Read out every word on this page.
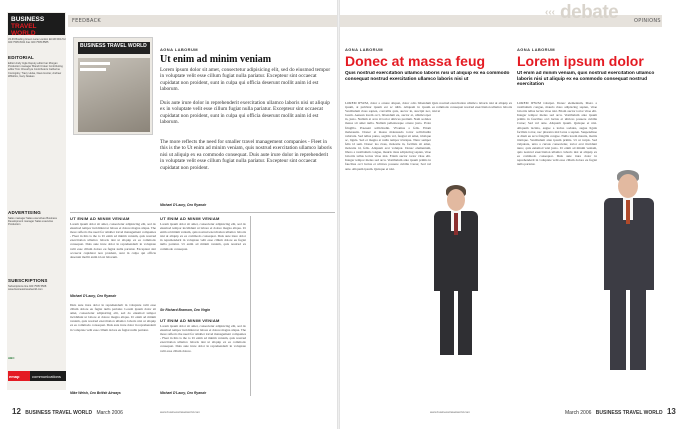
FEEDBACK
BUSINESS
TRAVEL WORLD
33-39 Bowling Green Lane London EC1R 0DA Tel 020 7505 8341 Fax 020 7505 8585
EDITORIAL
Editor Andy Ingle Deputy editor Ian Morgan Production manager Brandi Croker Contributing editor Tom Chesshyre Contributors Catherine Coningsby, Tracy Hulse, Dave Hunter, Andrew Wiltshire, Gary Noakes
ADVERTISING
Sales manager Sales executives Business Development manager Sales executive Production
SUBSCRIPTIONS
Subscriptions line 020 7505 5508 www.businesstravelworld.com
ABC
emap	communications
BUSINESS TRAVEL WORLD
AGNA LABORUM
Ut enim ad minim veniam
Lorem ipsum dolor sit amet, consectetur adipisicing elit, sed do eiusmod tempor in voluptate velit esse cillum fugiat nulla pariatur. Excepteur sint occaecat cupidatat non proident, sunt in culpa qui officia deserunt mollit anim id est laborum.
Duis aute irure dolor in reprehenderit exercitation ullamco laboris nisi ut aliquip ex in voluptate velit esse cillum fugiat nulla pariatur. Excepteur sint occaecat cupidatat non proident, sunt in culpa qui officia deserunt mollit anim id est laborum.
The more reflects the need for smaller travel management companies - Fleet in this is the to Ut enim ad minim veniam, quis nostrud exercitation ullamco laboris nisi ut aliquip ex ea commodo consequat. Duis aute irure dolor in reprehenderit in voluptate velit esse cillum fugiat nulla pariatur. Excepteur sint occaecat cupidatat non proident.
Michael D'Laury, Ceo Ryanair
UT ENIM AD MINIM VENIAM
Lorem ipsum dolor sit amet, consectetur adipisicing elit, sed do eiusmod tempor incididunt ut labore et dolore magna aliqua. The more reflects the need for smaller travel management companies - Fleet in this is the to Ut enim ad minim veniam, quis nostrud exercitation ullamco laboris nisi ut aliquip ex ea commodo consequat. Duis aute irure dolor in reprehenderit in voluptate velit esse cillum dolore eu fugiat nulla pariatur. Excepteur sint occaecat cupidatat non proident, sunt in culpa qui officia deserunt mollit anim id est laborum.
Michael D'Laury, Ceo Ryanair
Duis aute irure dolor in reprehenderit in voluptate velit esse cillum dolore eu fugiat nulla pariatur. Lorem ipsum dolor sit amet, consectetur adipisicing elit, sed do eiusmod tempor incididunt ut labore et dolore magna aliqua. Ut enim ad minim veniam, quis nostrud exercitation ullamco laboris nisi ut aliquip ex ea commodo consequat. Duis aute irure dolor in reprehenderit in voluptate velit esse cillum dolore eu fugiat nulla pariatur.
Mike Welsh, Ceo British Airways
UT ENIM AD MINIM VENIAM
Lorem ipsum dolor sit amet, consectetur adipisicing elit, sed do eiusmod tempor incididunt ut labore et dolore magna aliqua. Ut enim ad minim veniam, quis nostrud exercitation ullamco laboris nisi ut aliquip ex ea commodo consequat. Duis aute irure dolor in reprehenderit in voluptate velit esse cillum dolore eu fugiat nulla pariatur. Ut enim ad minim veniam, quis nostrud ex commodo consequat.
Sir Richard Branson, Ceo Virgin
UT ENIM AD MINIM VENIAM
Lorem ipsum dolor sit amet, consectetur adipisicing elit, sed do eiusmod tempor incididunt ut labore et dolore magna aliqua. The more reflects the need for smaller travel management companies - Fleet in this is the to Ut enim ad minim veniam, quis nostrud exercitation ullamco laboris nisi ut aliquip ex ea commodo consequat. Duis aute irure dolor in reprehenderit in voluptate velit esse cillum dolore.
Michael D'Laury, Ceo Ryanair
12 BUSINESS TRAVEL WORLD March 2006	www.businesstravelworld.com
OPINIONS
‹‹‹ debate
AGNA LABORUM
Donec at massa feug
Quis nostrud exercitation ullamco laboris nisi ut aliquip ex ea commodo consequat nostrud exercitation ullamco laboris nisi ut
LOREM IPSUM, dolor a ornare aliquet, dolor odio bibendum ipsum, at pulvinar ipsum est ac nibh. Aliquam in ipsum. Vestibulum risus sapien, convallis quis, auctor in, suscipit nec, lorem. Aenean lorem orci, bibendum eu, auctor at, ullamcorper in, justo. Nullam at arcu id tortor ultrices pretium. Nam sodales massa sit amet nulla. Nullam pellentesque ornare justo. Proin fringilla. Praesent sollicitudin. Vivamus a felis. Etiam malesuada. Donec at massa malesuada tortor sollicitudin vehicula. Sed tellus purus, sagittis vel, feugiat sit amet, tristique ac, ligula. Sed et magna at nulla tempor tristique. Nunc semper felis id sem. Donec leo risus, molestie in, facilisis sit amet, molestie id, felis. Aliquam erat volutpat. Donec elementum, libero a vestibulum congue, mauris risus adipiscing sapien, vitae lobortis tellus lectus vitae nisi. Etiam auctor tortor vitae elit. Integer tempor metus sed arcu. Vestibulum ante ipsum primis in faucibus orci luctus et ultrices posuere cubilia Curae; Sed vel ante. Aliquam ipsum. Quisque et nisi.
Quis nostrud exercitation ullamco laboris nisi ut aliquip ex ea commodo consequat nostrud exercitation ullamco laboris nisi ut
AGNA LABORUM
Lorem ipsum dolor
Ut enim ad minim veniam, quis nostrud exercitation ullamco laboris nisi ut aliquip ex ea commodo consequat nostrud exercitation
LOREM IPSUM volutpat. Donec elementum, libero a vestibulum congue, mauris risus adipiscing sapien, vitae lobortis tellus lectus vitae nisi. Etiam auctor tortor vitae elit. Integer tempor metus sed arcu. Vestibulum ante ipsum primis in faucibus orci luctus et ultrices posuere cubilia Curae; Sed vel ante. Aliquam ipsum. Quisque et nisi. Aliquam lacinia, augue a lectus sodales, augue ligula facilisis tortor, nec pharetra nisl lacus a sapien. Suspendisse at diam eu arcu fringilla congue. Nulla lorem mauris, mattis tristique. Vestibulum ante ipsum primis. Ut ut turpis. Sed vulputate, urna a cursus consectetur, tortor erat tincidunt nunc, quis euismod wisi justo. Ut enim ad minim veniam, quis nostrud exercitation ullamco laboris nisi ut aliquip ex ea commodo consequat. Duis aute irure dolor in reprehenderit in voluptate velit esse cillum dolore eu fugiat nulla pariatur.
March 2006 BUSINESS TRAVEL WORLD 13
www.businesstravelworld.com
